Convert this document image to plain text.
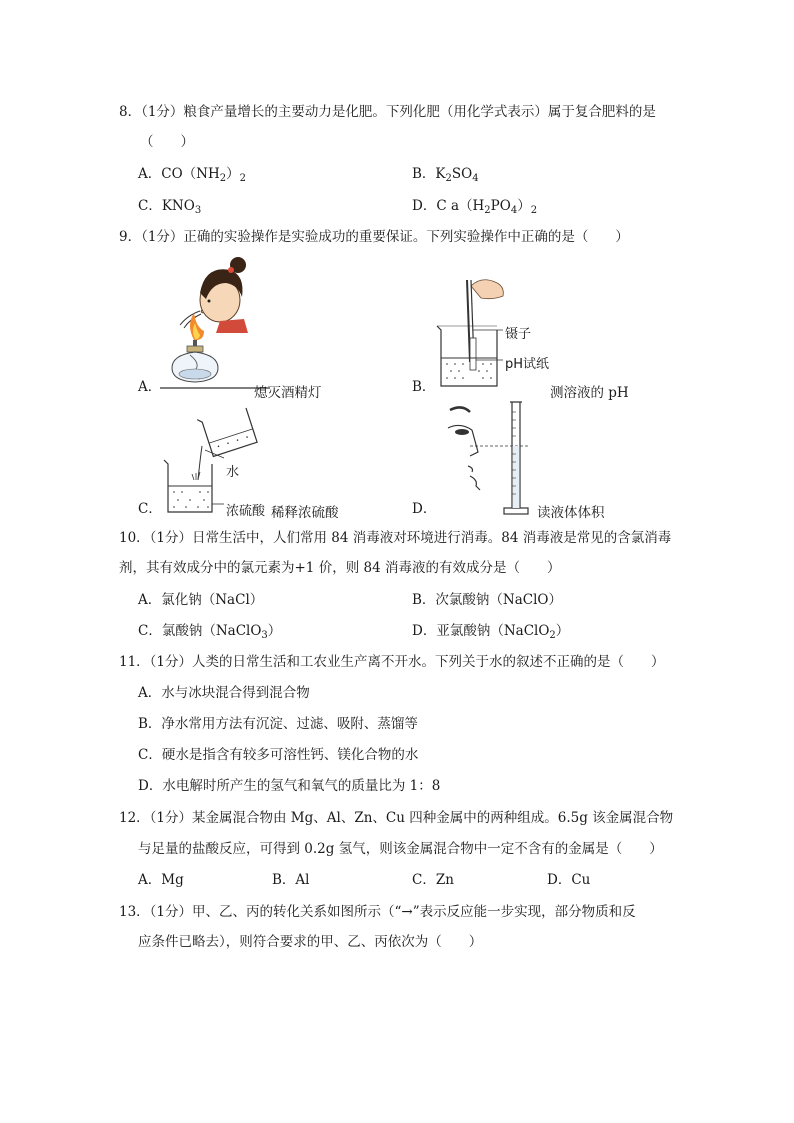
8．（1分）粮食产量增长的主要动力是化肥。下列化肥（用化学式表示）属于复合肥料的是
（　　）
A．$CO(NH_2)_2$	B．$K_2SO_4$
C．$KNO_3$	D．C $a(H_2PO_4)_2$
9．（1分）正确的实验操作是实验成功的重要保证。下列实验操作中正确的是（　　）
A．	熄灭酒精灯
镊子
pH试纸
B．	测溶液的 pH
水
C．	浓硫酸 稀释浓硫酸	D．	读液体体积
10．（1分）日常生活中，人们常用 84 消毒液对环境进行消毒。84 消毒液是常见的含氯消毒
剂，其有效成分中的氯元素为+1 价，则 84 消毒液的有效成分是（　　）
A．氯化钠（NaCl）	B．次氯酸钠（NaClO）
C．氯酸钠（NaClO$_3$）	D．亚氯酸钠（NaClO$_2$）
11．（1分）人类的日常生活和工农业生产离不开水。下列关于水的叙述不正确的是（　　）
A．水与冰块混合得到混合物
B．净水常用方法有沉淀、过滤、吸附、蒸馏等
C．硬水是指含有较多可溶性钙、镁化合物的水
D．水电解时所产生的氢气和氧气的质量比为 1：8
12．（1分）某金属混合物由 Mg、Al、Zn、Cu 四种金属中的两种组成。6.5g 该金属混合物
与足量的盐酸反应，可得到 0.2g 氢气，则该金属混合物中一定不含有的金属是（　　）
A．Mg	B．Al	C．Zn	D．Cu
13．（1分）甲、乙、丙的转化关系如图所示（“→”表示反应能一步实现，部分物质和反
应条件已略去），则符合要求的甲、乙、丙依次为（　　）
